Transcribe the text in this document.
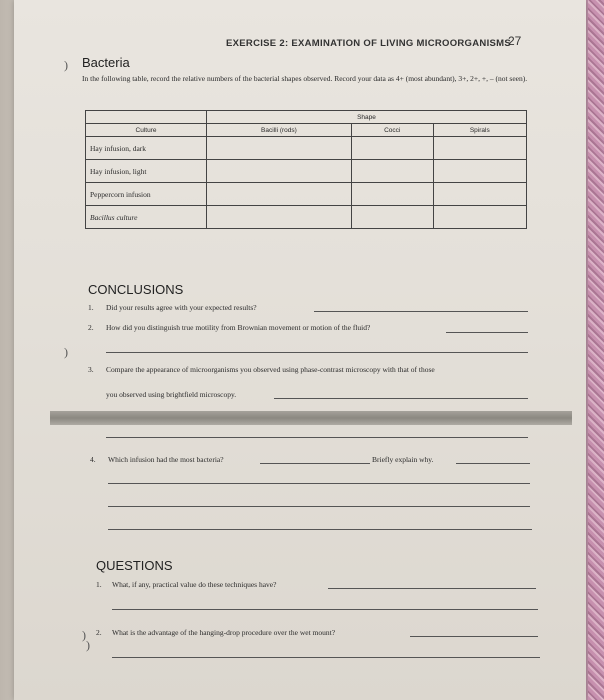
EXERCISE 2: EXAMINATION OF LIVING MICROORGANISMS
27
) Bacteria
In the following table, record the relative numbers of the bacterial shapes observed. Record your data as 4+ (most abundant), 3+, 2+, +, – (not seen).
	Shape		
Culture	Bacilli (rods)	Cocci	Spirals
Hay infusion, dark			
Hay infusion, light			
Peppercorn infusion			
Bacillus culture			
CONCLUSIONS
1. Did your results agree with your expected results?
)
2. How did you distinguish true motility from Brownian movement or motion of the fluid?
3. Compare the appearance of microorganisms you observed using phase-contrast microscopy with that of those
you observed using brightfield microscopy.
4. Which infusion had the most bacteria?	Briefly explain why.
QUESTIONS
1. What, if any, practical value do these techniques have?
) 2. What is the advantage of the hanging-drop procedure over the wet mount?
)
